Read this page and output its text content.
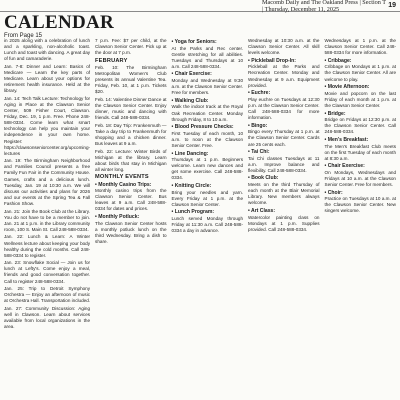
Macomb Daily and The Oakland Press | Section T | Thursday, December 11, 2025	19
CALENDAR
From Page 15
in 2025 along with a celebration of lunch and a sparkling, non-alcoholic toast. Lunch and toast with dancing. A great day of fun and camaraderie.
Jan. 7-8: Dinner and Learn: Basics of Medicare — Learn the key parts of Medicare. Learn about your options for retirement health insurance. Held at the library.
Jan. 14: Tech Talk Lecture: Technology for Aging in Place at the Clawson Senior Center, 509 Fisher Court, Clawson. Friday, Dec. 19, 1 p.m. Free. Phone 248-588-0334. Come learn what smart technology can help you maintain your independence in your own home. Register: https://clawsonseniorcenter.org/upcoming-lectures
Jan. 19: The Birmingham Neighborhood and Families Council presents a free Family Fun Fair in the Community House. Games, crafts and a delicious lunch. Tuesday, Jan. 19 at 10:30 a.m. We will discuss our activities and plans for 2026 and our events at the Spring Tea & Fall Fashion Show.
Jan. 21: Join the Book Club at the Library. You do not have to be a member to join. Jan. 21 at 1 p.m. in the Library community room, 100 S. Main St. Call 248-588-0334.
Jan. 22: Lunch & Learn: A Winter Wellness lecture about keeping your body healthy during the cold months. Call 248-588-0334 to register.
Jan. 23: Snowflake Social — Join us for lunch at Lefty's. Come enjoy a meal, friends and good conversation together. Call to register 248-588-0334.
Jan. 25: Trip to Detroit Symphony Orchestra — Enjoy an afternoon of music at Orchestra Hall. Transportation included.
Jan. 27: Community Discussion: Aging well in Clawson. Learn about services available from local organizations in the area.
7 p.m. Fee: $7 per child, at the Clawson Senior Center. Pick up at the door at 7 p.m.
FEBRUARY
Feb. 10: The Birmingham Metropolitan Women's Club presents its annual Valentine Tea. Friday, Feb. 10, at 1 p.m. Tickets $20.
Feb. 14: Valentine Dinner Dance at the Clawson Senior Center. Enjoy dinner, music and dancing with friends. Call 248-588-0334.
Feb. 18: Day Trip: Frankenmuth — Take a day trip to Frankenmuth for shopping and a chicken dinner. Bus leaves at 9 a.m.
Feb. 22: Lecture: Winter Birds of Michigan at the library. Learn about birds that stay in Michigan all winter long.
MONTHLY EVENTS
• Monthly Casino Trips:
Monthly casino trips from the Clawson Senior Center. Bus leaves at 9 a.m. Call 248-588-0334 for dates and prices.
• Monthly Potluck:
The Clawson Senior Center hosts a monthly potluck lunch on the third Wednesday. Bring a dish to share.
• Yoga for Seniors:
At the Parks and Rec center. Gentle stretching for all abilities. Tuesdays and Thursdays at 10 a.m. Call 248-588-0334.
• Chair Exercise:
Monday and Wednesday at 9:30 a.m. at the Clawson Senior Center. Free for members.
• Walking Club:
Walk the indoor track at the Royal Oak Recreation Center. Monday through Friday, 8 to 10 a.m.
• Blood Pressure Checks:
First Tuesday of each month, 10 a.m. to noon at the Clawson Senior Center. Free.
• Line Dancing:
Thursdays at 1 p.m. Beginners welcome. Learn new dances and get some exercise. Call 248-588-0334.
• Knitting Circle:
Bring your needles and yarn. Every Friday at 1 p.m. at the Clawson Senior Center.
• Lunch Program:
Lunch served Monday through Friday at 11:30 a.m. Call 248-588-0334 a day in advance.
Wednesday at 10:30 a.m. at the Clawson Senior Center. All skill levels welcome.
• Pickleball Drop-In:
Pickleball at the Parks and Recreation Center. Monday and Wednesday at 9 a.m. Equipment provided.
• Euchre:
Play euchre on Tuesdays at 12:30 p.m. at the Clawson Senior Center. Call 248-588-0334 for more information.
• Bingo:
Bingo every Thursday at 1 p.m. at the Clawson Senior Center. Cards are 25 cents each.
• Tai Chi:
Tai Chi classes Tuesdays at 11 a.m. Improve balance and flexibility. Call 248-588-0334.
• Book Club:
Meets on the third Thursday of each month at the Blair Memorial Library. New members always welcome.
• Art Class:
Watercolor painting class on Mondays at 1 p.m. Supplies provided. Call 248-588-0334.
Wednesdays at 1 p.m. at the Clawson Senior Center. Call 248-588-0334 for more information.
• Cribbage:
Cribbage on Mondays at 1 p.m. at the Clawson Senior Center. All are welcome to play.
• Movie Afternoon:
Movie and popcorn on the last Friday of each month at 1 p.m. at the Clawson Senior Center.
• Bridge:
Bridge on Fridays at 12:30 p.m. at the Clawson Senior Center. Call 248-588-0334.
• Men's Breakfast:
The Men's Breakfast Club meets on the first Tuesday of each month at 8:30 a.m.
• Chair Exercise:
On Mondays, Wednesdays and Fridays at 10 a.m. at the Clawson Senior Center. Free for members.
• Choir:
Practice on Tuesdays at 10 a.m. at the Clawson Senior Center. New singers welcome.
